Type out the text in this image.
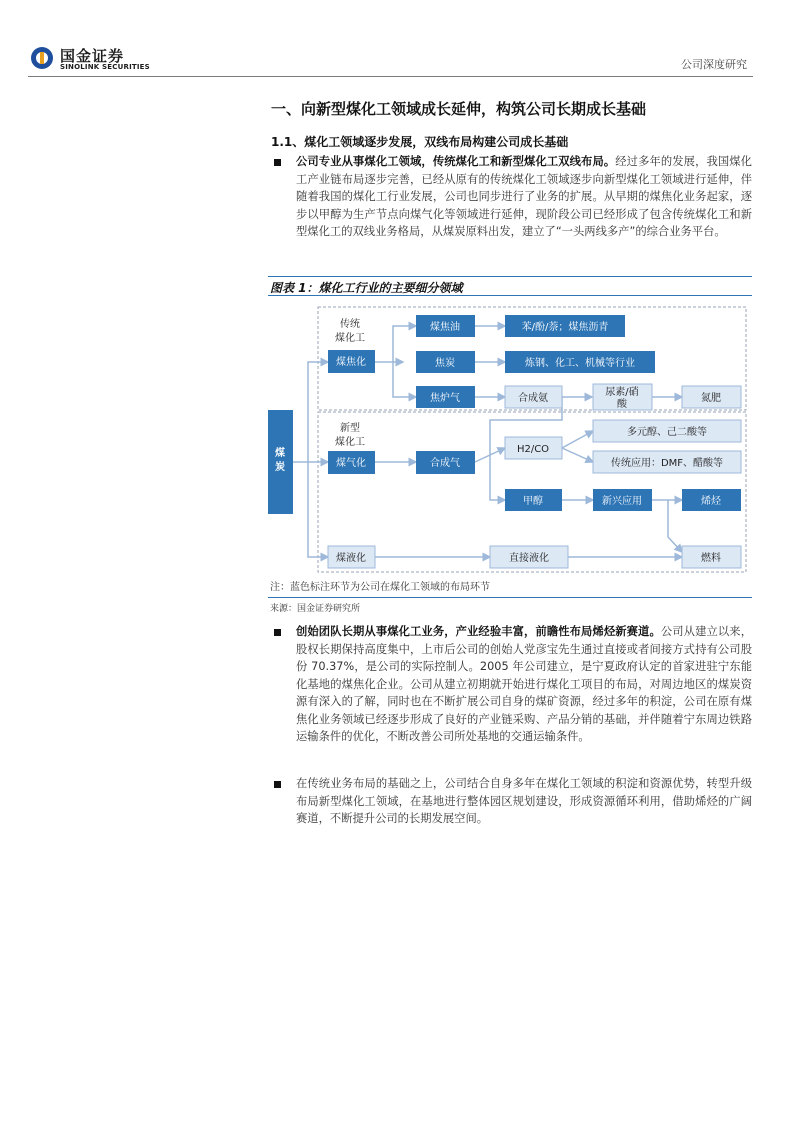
国金证券
SINOLINK SECURITIES	公司深度研究
一、向新型煤化工领域成长延伸，构筑公司长期成长基础
1.1、煤化工领域逐步发展，双线布局构建公司成长基础
公司专业从事煤化工领域，传统煤化工和新型煤化工双线布局。经过多年的发展，我国煤化工产业链布局逐步完善，已经从原有的传统煤化工领域逐步向新型煤化工领域进行延伸，伴随着我国的煤化工行业发展，公司也同步进行了业务的扩展。从早期的煤焦化业务起家，逐步以甲醇为生产节点向煤气化等领域进行延伸，现阶段公司已经形成了包含传统煤化工和新型煤化工的双线业务格局，从煤炭原料出发，建立了“一头两线多产”的综合业务平台。
图表 1：煤化工行业的主要细分领域
煤
炭
传统
煤化工
新型
煤化工
煤焦化
煤焦油	苯/酚/萘；煤焦沥青
焦炭	炼钢、化工、机械等行业
焦炉气
煤气化	合成气
甲醇	新兴应用	烯烃
合成氨
尿素/硝
酸
氮肥
H2/CO
多元醇、己二酸等
传统应用：DMF、醋酸等
煤液化	直接液化	燃料
注：蓝色标注环节为公司在煤化工领域的布局环节
来源：国金证券研究所
创始团队长期从事煤化工业务，产业经验丰富，前瞻性布局烯烃新赛道。公司从建立以来，股权长期保持高度集中，上市后公司的创始人党彦宝先生通过直接或者间接方式持有公司股份 70.37%，是公司的实际控制人。2005 年公司建立，是宁夏政府认定的首家进驻宁东能化基地的煤焦化企业。公司从建立初期就开始进行煤化工项目的布局，对周边地区的煤炭资源有深入的了解，同时也在不断扩展公司自身的煤矿资源，经过多年的积淀，公司在原有煤焦化业务领域已经逐步形成了良好的产业链采购、产品分销的基础，并伴随着宁东周边铁路运输条件的优化，不断改善公司所处基地的交通运输条件。
在传统业务布局的基础之上，公司结合自身多年在煤化工领域的积淀和资源优势，转型升级布局新型煤化工领域，在基地进行整体园区规划建设，形成资源循环利用，借助烯烃的广阔赛道，不断提升公司的长期发展空间。
